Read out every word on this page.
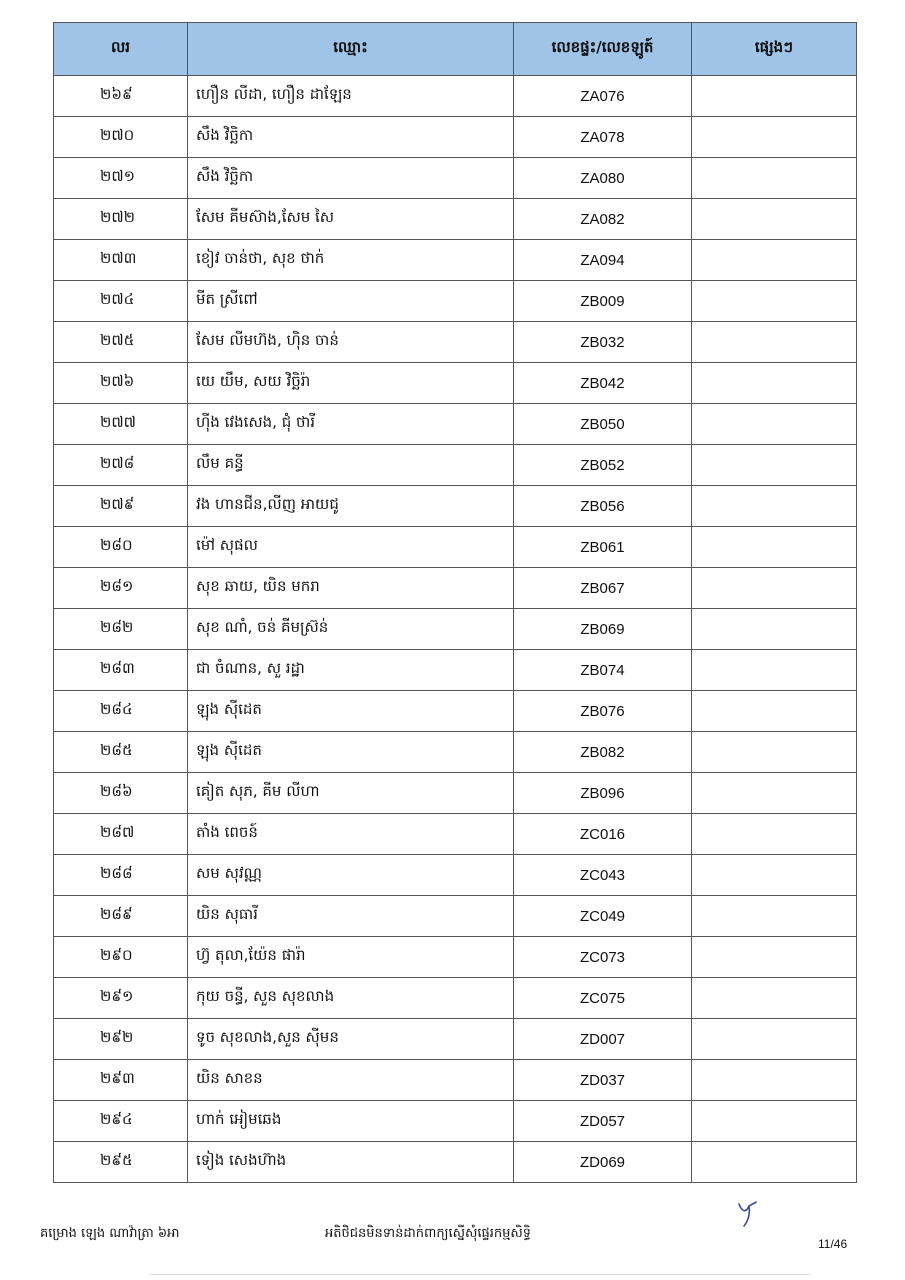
លរ	ឈ្មោះ	លេខផ្ទះ/លេខឡូត៍	ផ្សេងៗ
២៦៩	ហឿន លីដា, ហឿន ដាឡែន	ZA076	
២៧០	សឹង វិច្ឆិកា	ZA078	
២៧១	សឹង វិច្ឆិកា	ZA080	
២៧២	សែម គីមស៊ាង,សែម សៃ	ZA082	
២៧៣	ខៀវ ចាន់ថា, សុខ ថាក់	ZA094	
២៧៤	មីត ស្រីពៅ	ZB009	
២៧៥	សែម លីមហ៊ង, ហ៊ិន ចាន់	ZB032	
២៧៦	យេ យឹម, សយ វិច្ឆិរ៉ា	ZB042	
២៧៧	ហ៊ីង វេងសេង, ជុំ ថារី	ZB050	
២៧៨	លឹម គន្ធី	ZB052	
២៧៩	វង ហានជីន,លីញ អាយជូ	ZB056	
២៨០	ម៉ៅ សុផល	ZB061	
២៨១	សុខ ឆាយ, យិន មករា	ZB067	
២៨២	សុខ ណាំ, ចន់ គីមស្រ៊ន់	ZB069	
២៨៣	ជា ចំណាន, សួ រដ្ឋា	ZB074	
២៨៤	ឡុង ស៊ីដេត	ZB076	
២៨៥	ឡុង ស៊ីដេត	ZB082	
២៨៦	គៀត សុភ, គីម លីហា	ZB096	
២៨៧	តាំង ពេចន៍	ZC016	
២៨៨	សម សុវណ្ណ	ZC043	
២៨៩	យិន សុធារី	ZC049	
២៩០	ហ៊្វ តុលា,យ៉ែន ផារ៉ា	ZC073	
២៩១	កុយ ចន្ធី, សួន សុខលាង	ZC075	
២៩២	ទូច សុខលាង,សួន ស៊ីមន	ZD007	
២៩៣	យិន សាខន	ZD037	
២៩៤	ហាក់ អៀមឆេង	ZD057	
២៩៥	ទៀង សេងហ៊ាង	ZD069	
គម្រោង ឡេង ណាវ៉ាត្រា ៦អា	អតិថិជនមិនទាន់ដាក់ពាក្យស្នើសុំផ្ទេរកម្មសិទ្ធិ
11/46
